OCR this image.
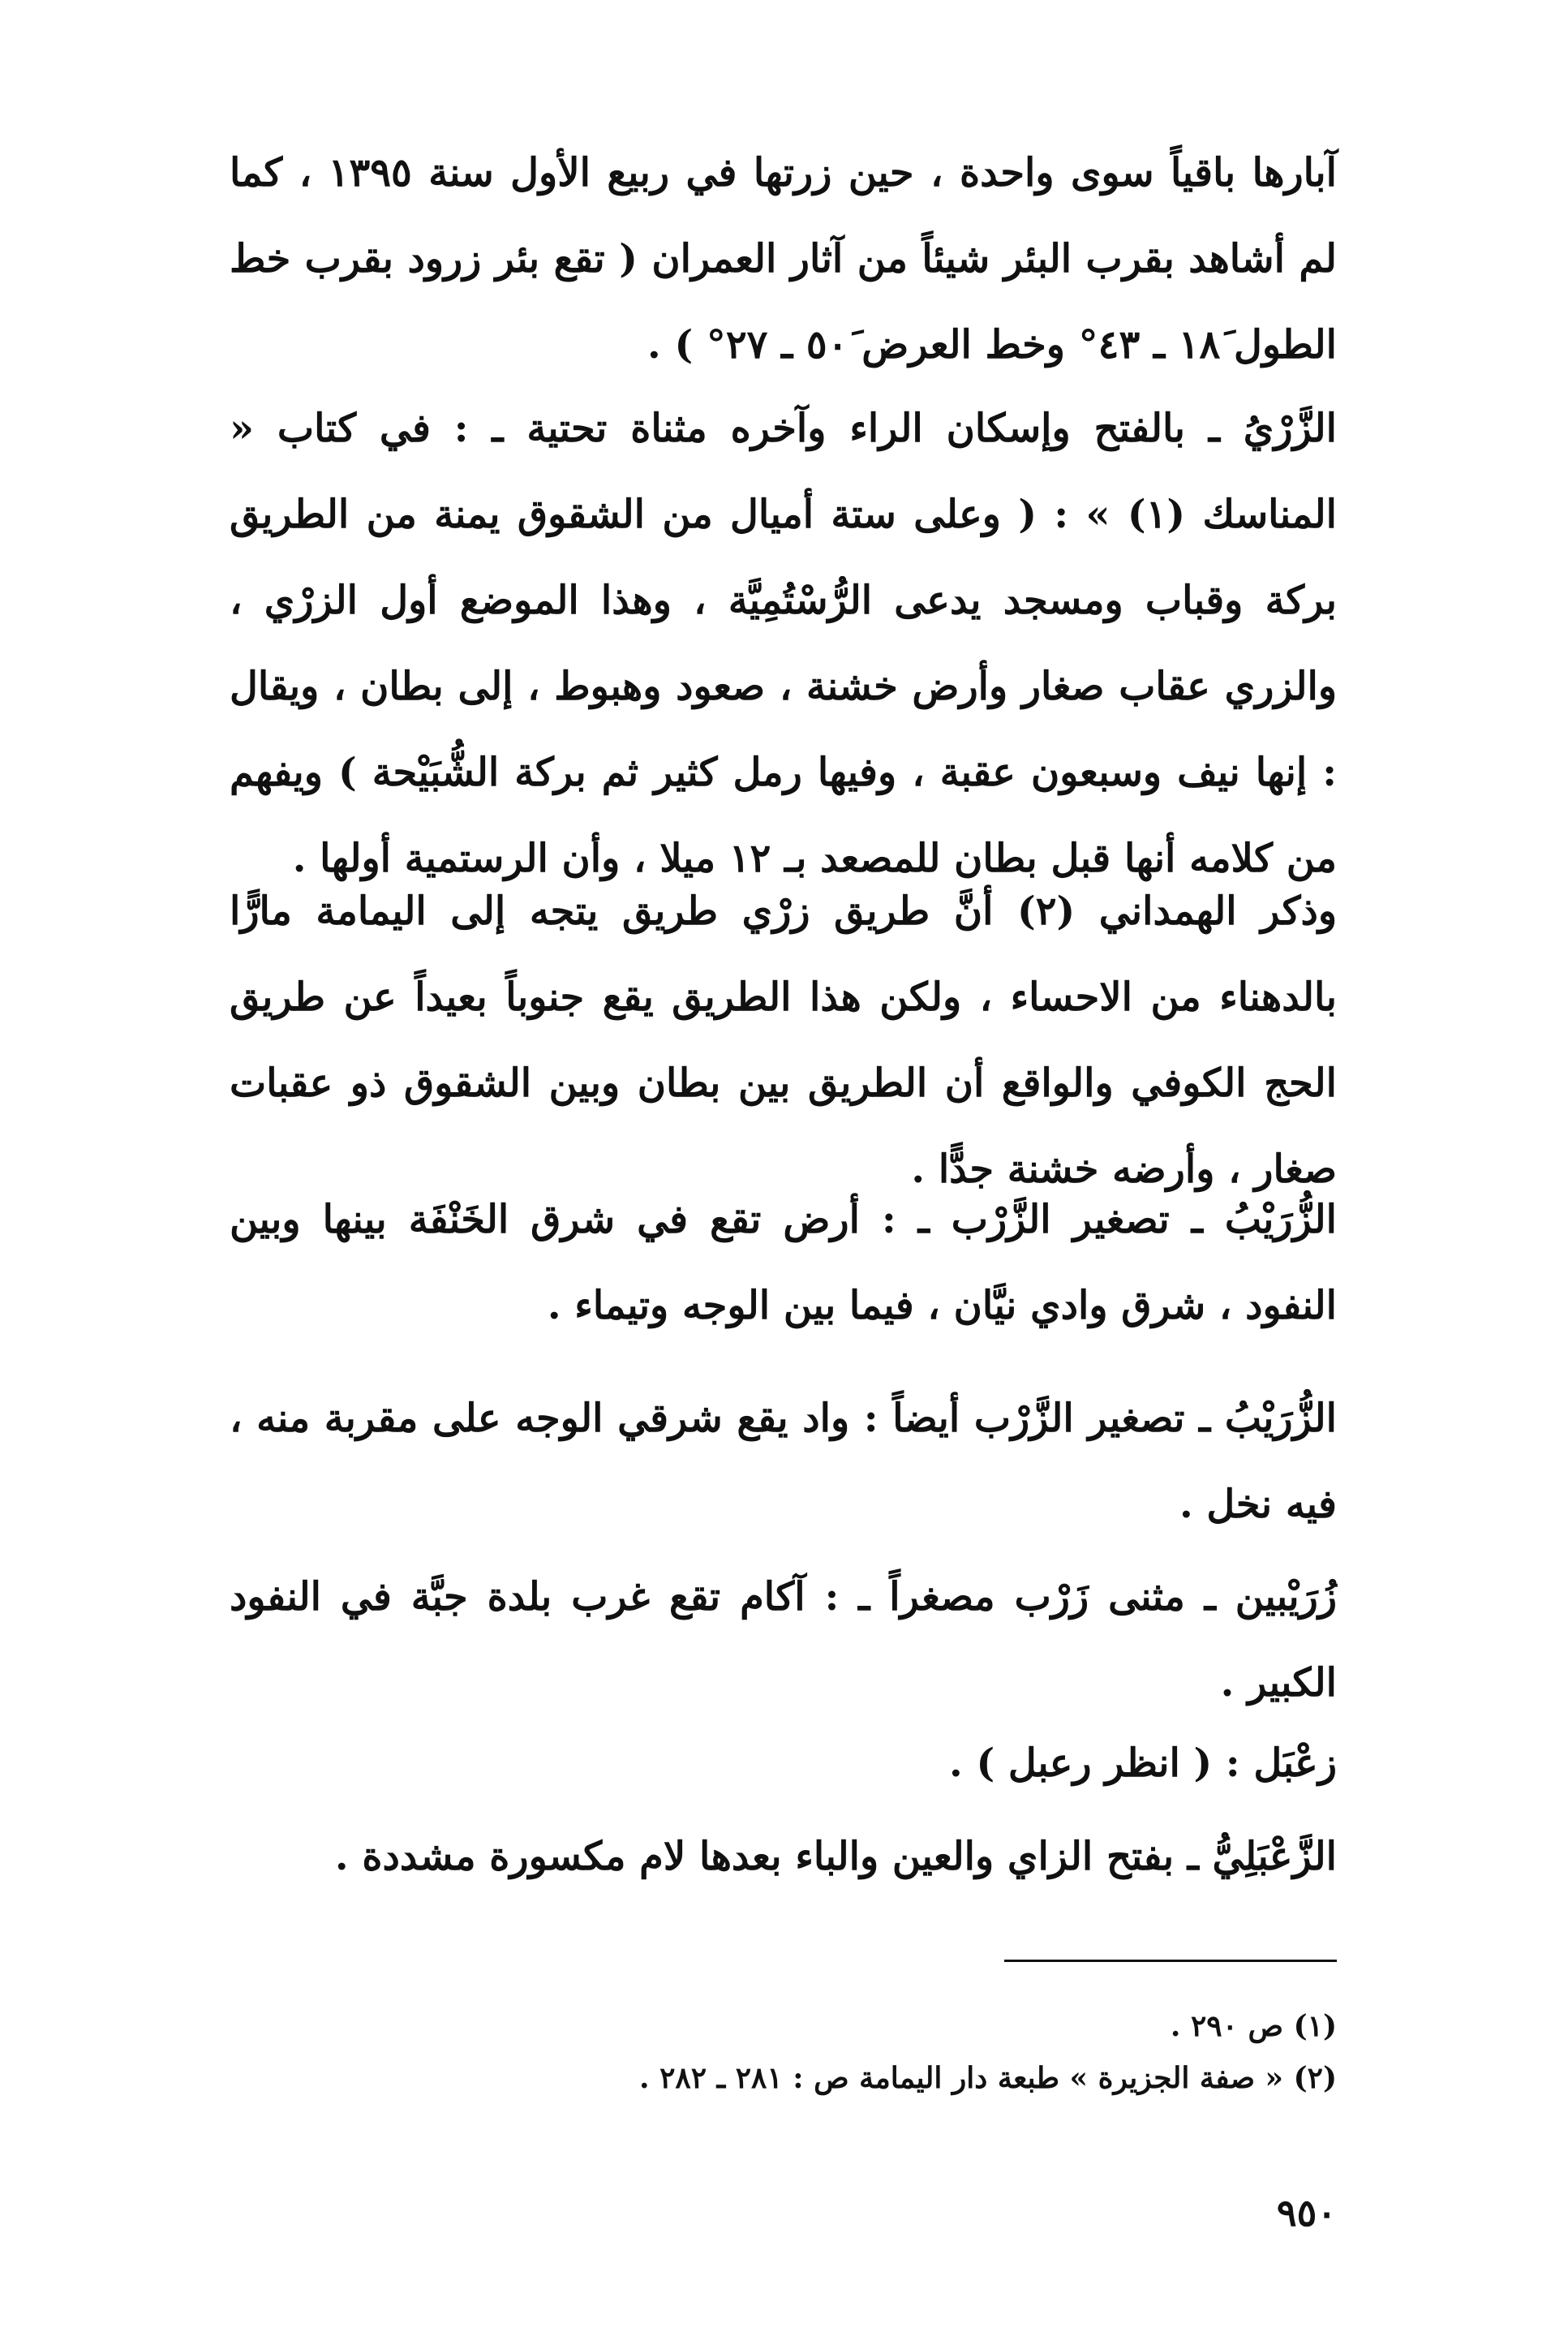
آبارها باقياً سوى واحدة ، حين زرتها في ربيع الأول سنة ١٣٩٥ ، كما لم أشاهد بقرب البئر شيئاً من آثار العمران ( تقع بئر زرود بقرب خط الطول ١٨َ ـ ٤٣° وخط العرض ٥٠َ ـ ٢٧° ) .

الزَّرْيُ ـ بالفتح وإسكان الراء وآخره مثناة تحتية ـ : في كتاب « المناسك (١) » : ( وعلى ستة أميال من الشقوق يمنة من الطريق بركة وقباب ومسجد يدعى الرُّسْتُمِيَّة ، وهذا الموضع أول الزرْي ، والزري عقاب صغار وأرض خشنة ، صعود وهبوط ، إلى بطان ، ويقال : إنها نيف وسبعون عقبة ، وفيها رمل كثير ثم بركة الشُّبَيْحة ) ويفهم من كلامه أنها قبل بطان للمصعد بـ ١٢ ميلا ، وأن الرستمية أولها .

وذكر الهمداني (٢) أنَّ طريق زرْي طريق يتجه إلى اليمامة مارًّا بالدهناء من الاحساء ، ولكن هذا الطريق يقع جنوباً بعيداً عن طريق الحج الكوفي والواقع أن الطريق بين بطان وبين الشقوق ذو عقبات صغار ، وأرضه خشنة جدًّا .

الزُّرَيْبُ ـ تصغير الزَّرْب ـ : أرض تقع في شرق الخَنْفَة بينها وبين النفود ، شرق وادي نيَّان ، فيما بين الوجه وتيماء .

الزُّرَيْبُ ـ تصغير الزَّرْب أيضاً : واد يقع شرقي الوجه على مقربة منه ، فيه نخل .

زُرَيْبين ـ مثنى زَرْب مصغراً ـ : آكام تقع غرب بلدة جبَّة في النفود الكبير .

زعْبَل : ( انظر رعبل ) .

الزَّعْبَلِيُّ ـ بفتح الزاي والعين والباء بعدها لام مكسورة مشددة .

(١) ص ٢٩٠ .

(٢) « صفة الجزيرة » طبعة دار اليمامة ص : ٢٨١ ـ ٢٨٢ .

٩٥٠
